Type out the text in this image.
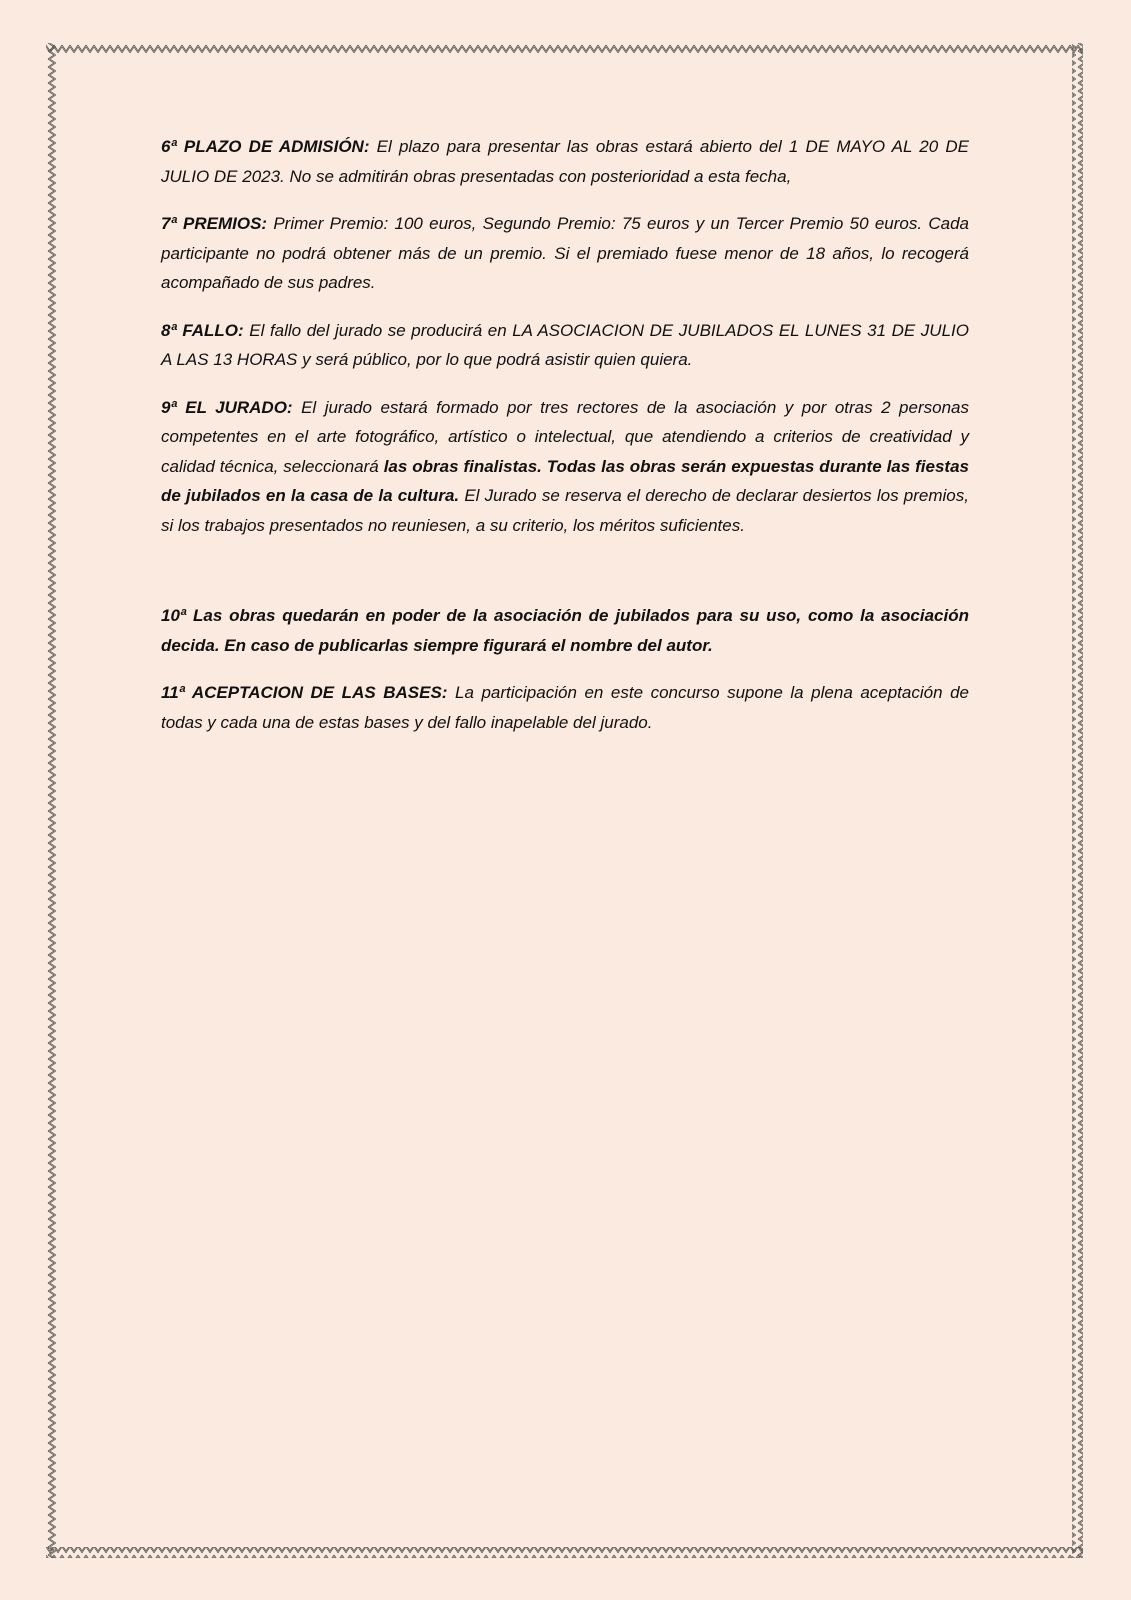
6ª PLAZO DE ADMISIÓN: El plazo para presentar las obras estará abierto del 1 DE MAYO AL 20 DE JULIO DE 2023. No se admitirán obras presentadas con posterioridad a esta fecha,

7ª PREMIOS: Primer Premio: 100 euros, Segundo Premio: 75 euros y un Tercer Premio 50 euros. Cada participante no podrá obtener más de un premio. Si el premiado fuese menor de 18 años, lo recogerá acompañado de sus padres.

8ª FALLO: El fallo del jurado se producirá en LA ASOCIACION DE JUBILADOS EL LUNES 31 DE JULIO A LAS 13 HORAS y será público, por lo que podrá asistir quien quiera.

9ª EL JURADO: El jurado estará formado por tres rectores de la asociación y por otras 2 personas competentes en el arte fotográfico, artístico o intelectual, que atendiendo a criterios de creatividad y calidad técnica, seleccionará las obras finalistas. Todas las obras serán expuestas durante las fiestas de jubilados en la casa de la cultura. El Jurado se reserva el derecho de declarar desiertos los premios, si los trabajos presentados no reuniesen, a su criterio, los méritos suficientes.

10ª Las obras quedarán en poder de la asociación de jubilados para su uso, como la asociación decida. En caso de publicarlas siempre figurará el nombre del autor.

11ª ACEPTACION DE LAS BASES: La participación en este concurso supone la plena aceptación de todas y cada una de estas bases y del fallo inapelable del jurado.
